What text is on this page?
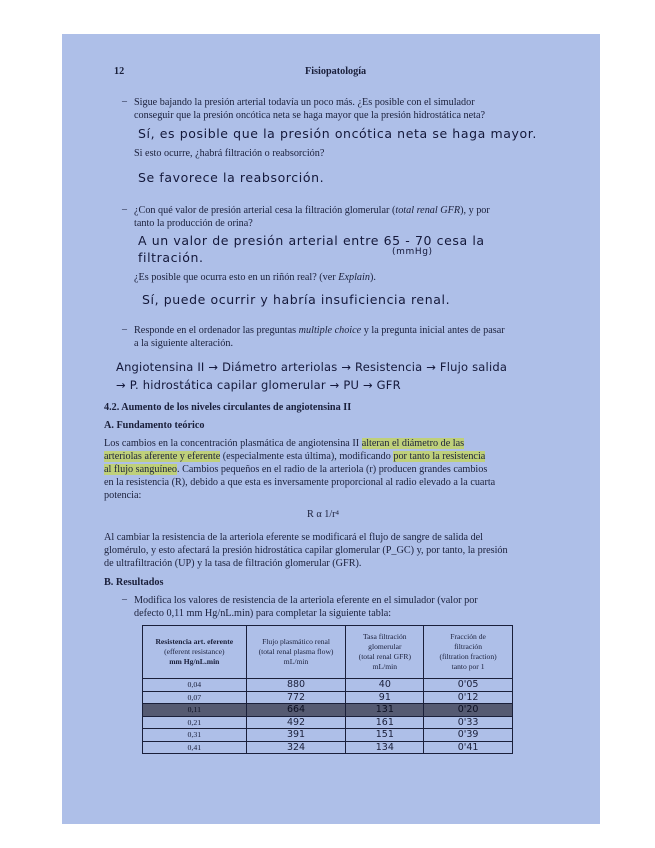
12	Fisiopatología
– Sigue bajando la presión arterial todavía un poco más. ¿Es posible con el simulador
conseguir que la presión oncótica neta se haga mayor que la presión hidrostática neta?
Sí, es posible que la presión oncótica neta se haga mayor.
Si esto ocurre, ¿habrá filtración o reabsorción?
Se favorece la reabsorción.
– ¿Con qué valor de presión arterial cesa la filtración glomerular (total renal GFR), y por
tanto la producción de orina?
A un valor de presión arterial entre 65 - 70 cesa la
(mmHg)
filtración.
¿Es posible que ocurra esto en un riñón real? (ver Explain).
Sí, puede ocurrir y habría insuficiencia renal.
– Responde en el ordenador las preguntas multiple choice y la pregunta inicial antes de pasar
a la siguiente alteración.
Angiotensina II → Diámetro arteriolas → Resistencia → Flujo salida
→ P. hidrostática capilar glomerular → PU → GFR
4.2. Aumento de los niveles circulantes de angiotensina II
A. Fundamento teórico
Los cambios en la concentración plasmática de angiotensina II alteran el diámetro de las
arteriolas aferente y eferente (especialmente esta última), modificando por tanto la resistencia
al flujo sanguíneo. Cambios pequeños en el radio de la arteriola (r) producen grandes cambios
en la resistencia (R), debido a que esta es inversamente proporcional al radio elevado a la cuarta
potencia:
R α 1/r⁴
Al cambiar la resistencia de la arteriola eferente se modificará el flujo de sangre de salida del
glomérulo, y esto afectará la presión hidrostática capilar glomerular (P_GC) y, por tanto, la presión
de ultrafiltración (UP) y la tasa de filtración glomerular (GFR).
B. Resultados
– Modifica los valores de resistencia de la arteriola eferente en el simulador (valor por
defecto 0,11 mm Hg/nL.min) para completar la siguiente tabla:
Resistencia art. eferente
(efferent resistance)
mm Hg/nL.min	Flujo plasmático renal
(total renal plasma flow)
mL/min	Tasa filtración
glomerular
(total renal GFR)
mL/min	Fracción de
filtración
(filtration fraction)
tanto por 1
0,04	880	40	0'05
0,07	772	91	0'12
0,11	664	131	0'20
0,21	492	161	0'33
0,31	391	151	0'39
0,41	324	134	0'41
